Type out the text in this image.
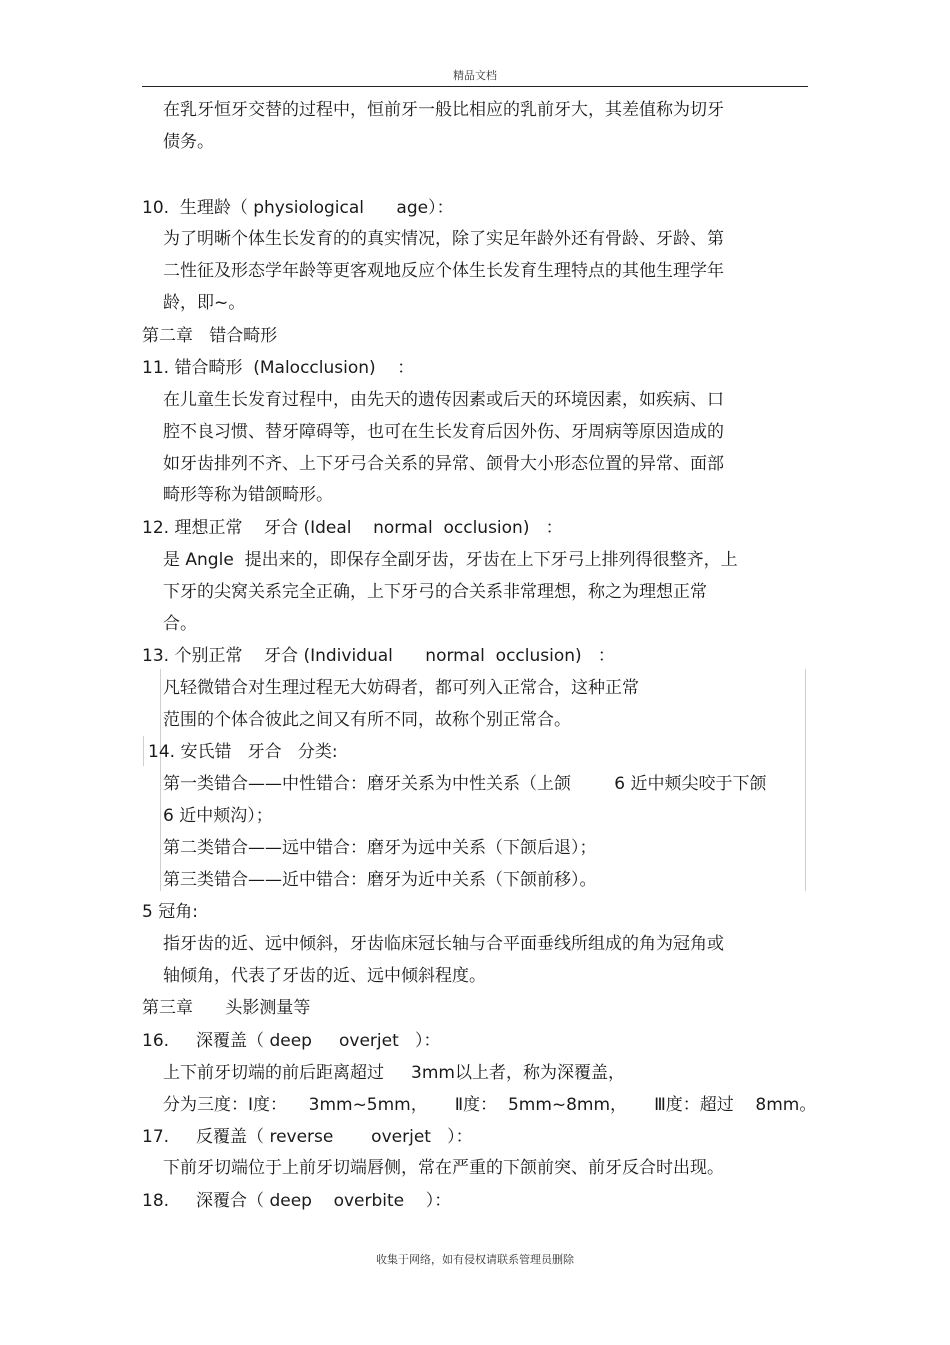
精品文档
在乳牙恒牙交替的过程中，恒前牙一般比相应的乳前牙大，其差值称为切牙
债务。
10.  生理龄（ physiological      age）：
为了明晰个体生长发育的的真实情况，除了实足年龄外还有骨龄、牙龄、第
二性征及形态学年龄等更客观地反应个体生长发育生理特点的其他生理学年
龄，即~。
第二章   错合畸形
11. 错合畸形  (Malocclusion)    ：
在儿童生长发育过程中，由先天的遗传因素或后天的环境因素，如疾病、口
腔不良习惯、替牙障碍等，也可在生长发育后因外伤、牙周病等原因造成的
如牙齿排列不齐、上下牙弓合关系的异常、颌骨大小形态位置的异常、面部
畸形等称为错颌畸形。
12. 理想正常    牙合 (Ideal    normal  occlusion)   ：
是 Angle  提出来的，即保存全副牙齿，牙齿在上下牙弓上排列得很整齐，上
下牙的尖窝关系完全正确，上下牙弓的合关系非常理想，称之为理想正常
合。
13. 个别正常    牙合 (Individual      normal  occlusion)   ：
凡轻微错合对生理过程无大妨碍者，都可列入正常合，这种正常
范围的个体合彼此之间又有所不同，故称个别正常合。
14. 安氏错   牙合   分类:
第一类错合——中性错合：磨牙关系为中性关系（上颌        6 近中颊尖咬于下颌
6 近中颊沟）；
第二类错合——远中错合：磨牙为远中关系（下颌后退）；
第三类错合——近中错合：磨牙为近中关系（下颌前移）。
5 冠角:
指牙齿的近、远中倾斜，牙齿临床冠长轴与合平面垂线所组成的角为冠角或
轴倾角，代表了牙齿的近、远中倾斜程度。
第三章      头影测量等
16.     深覆盖（ deep     overjet   ）：
上下前牙切端的前后距离超过     3mm以上者，称为深覆盖，
分为三度：Ⅰ度：    3mm~5mm，     Ⅱ度：  5mm~8mm，     Ⅲ度：超过    8mm。
17.     反覆盖（ reverse       overjet   ）：
下前牙切端位于上前牙切端唇侧，常在严重的下颌前突、前牙反合时出现。
18.     深覆合（ deep    overbite    ）：
收集于网络，如有侵权请联系管理员删除
